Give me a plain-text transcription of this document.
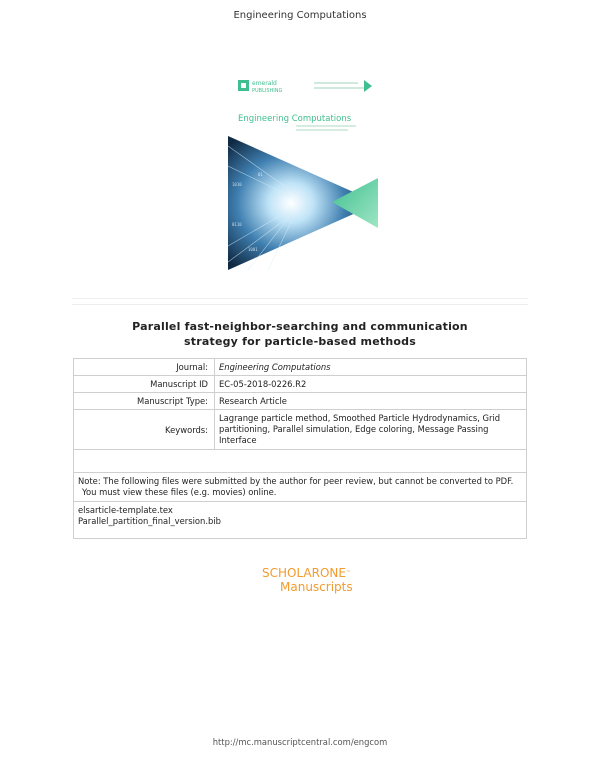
Engineering Computations
emerald
PUBLISHING
Engineering Computations
1010
0110
1001
01
Parallel fast-neighbor-searching and communication
strategy for particle-based methods
Journal:	Engineering Computations
Manuscript ID	EC-05-2018-0226.R2
Manuscript Type:	Research Article
Keywords:	Lagrange particle method, Smoothed Particle Hydrodynamics, Grid partitioning, Parallel simulation, Edge coloring, Message Passing Interface

Note: The following files were submitted by the author for peer review, but cannot be converted to PDF.
You must view these files (e.g. movies) online.	

elsarticle-template.tex
Parallel_partition_final_version.bib	
SCHOLARONE™
Manuscripts
http://mc.manuscriptcentral.com/engcom
